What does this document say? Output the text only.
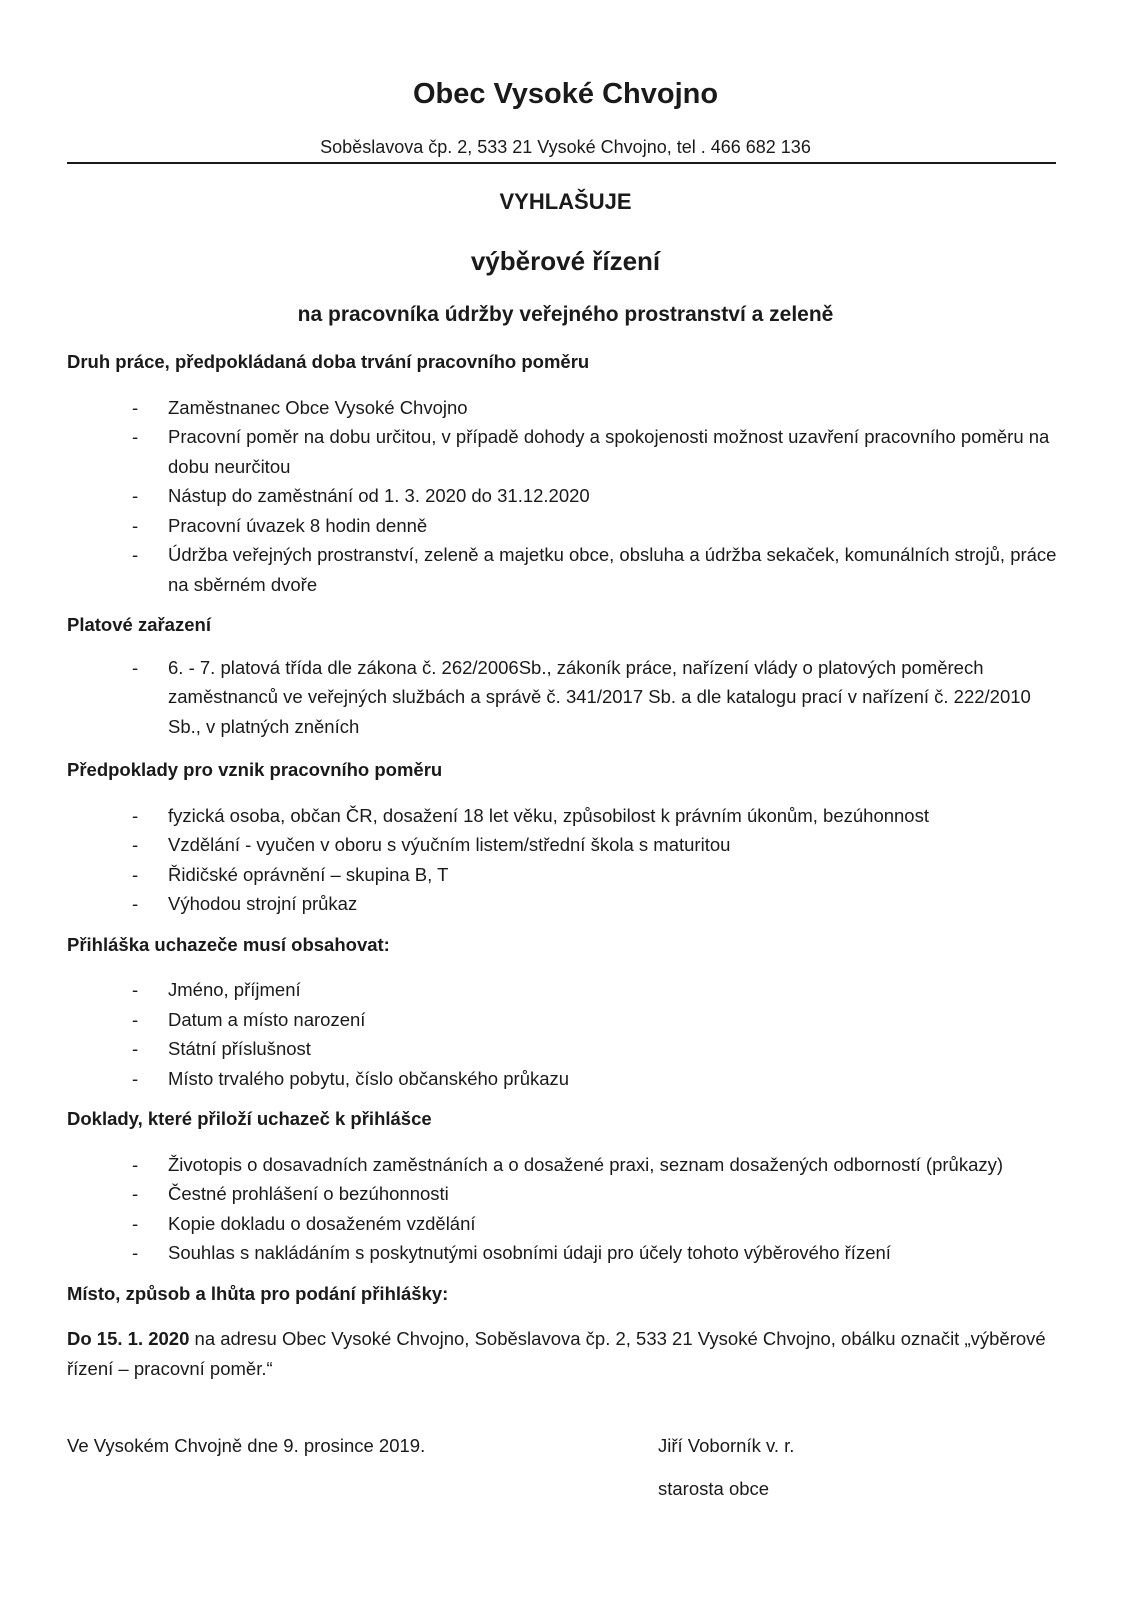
Obec Vysoké Chvojno
Soběslavova čp. 2, 533 21 Vysoké Chvojno, tel . 466 682 136
VYHLAŠUJE
výběrové řízení
na pracovníka údržby veřejného prostranství a zeleně

Druh práce, předpokládaná doba trvání pracovního poměru

- Zaměstnanec Obce Vysoké Chvojno
- Pracovní poměr na dobu určitou, v případě dohody a spokojenosti možnost uzavření pracovního poměru na dobu neurčitou
- Nástup do zaměstnání od 1. 3. 2020 do 31.12.2020
- Pracovní úvazek 8 hodin denně
- Údržba veřejných prostranství, zeleně a majetku obce, obsluha a údržba sekaček, komunálních strojů, práce na sběrném dvoře

Platové zařazení

- 6. - 7. platová třída dle zákona č. 262/2006Sb., zákoník práce, nařízení vlády o platových poměrech zaměstnanců ve veřejných službách a správě č. 341/2017 Sb. a dle katalogu prací v nařízení č. 222/2010 Sb., v platných zněních

Předpoklady pro vznik pracovního poměru

- fyzická osoba, občan ČR, dosažení 18 let věku, způsobilost k právním úkonům, bezúhonnost
- Vzdělání - vyučen v oboru s výučním listem/střední škola s maturitou
- Řidičské oprávnění – skupina B, T
- Výhodou strojní průkaz

Přihláška uchazeče musí obsahovat:

- Jméno, příjmení
- Datum a místo narození
- Státní příslušnost
- Místo trvalého pobytu, číslo občanského průkazu

Doklady, které přiloží uchazeč k přihlášce

- Životopis o dosavadních zaměstnáních a o dosažené praxi, seznam dosažených odborností (průkazy)
- Čestné prohlášení o bezúhonnosti
- Kopie dokladu o dosaženém vzdělání
- Souhlas s nakládáním s poskytnutými osobními údaji pro účely tohoto výběrového řízení

Místo, způsob a lhůta pro podání přihlášky:

Do 15. 1. 2020 na adresu Obec Vysoké Chvojno, Soběslavova čp. 2, 533 21 Vysoké Chvojno, obálku označit „výběrové řízení – pracovní poměr.“

Ve Vysokém Chvojně dne 9. prosince 2019.	Jiří Voborník v. r.
starosta obce
